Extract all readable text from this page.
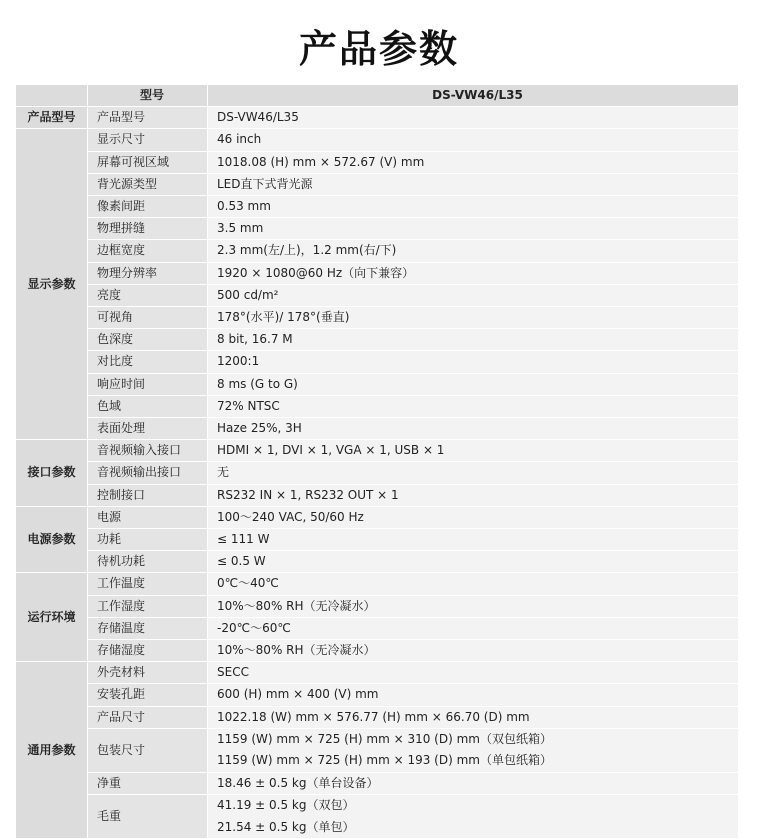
产品参数
	型号	DS-VW46/L35
产品型号	产品型号	DS-VW46/L35

显示参数	显示尺寸	46 inch

	屏幕可视区域	1018.08 (H) mm × 572.67 (V) mm

	背光源类型	LED直下式背光源

	像素间距	0.53 mm

	物理拼缝	3.5 mm

	边框宽度	2.3 mm(左/上)，1.2 mm(右/下)

	物理分辨率	1920 × 1080@60 Hz（向下兼容）

	亮度	500 cd/m²

	可视角	178°(水平)/ 178°(垂直)

	色深度	8 bit, 16.7 M

	对比度	1200:1

	响应时间	8 ms (G to G)

	色域	72% NTSC

	表面处理	Haze 25%, 3H

接口参数	音视频输入接口	HDMI × 1, DVI × 1, VGA × 1, USB × 1

	音视频输出接口	无

	控制接口	RS232 IN × 1, RS232 OUT × 1

电源参数	电源	100～240 VAC, 50/60 Hz

	功耗	≤ 111 W

	待机功耗	≤ 0.5 W

运行环境	工作温度	0℃～40℃

	工作湿度	10%～80% RH（无冷凝水）

	存储温度	-20℃～60℃

	存储湿度	10%～80% RH（无冷凝水）

通用参数	外壳材料	SECC

	安装孔距	600 (H) mm × 400 (V) mm

	产品尺寸	1022.18 (W) mm × 576.77 (H) mm × 66.70 (D) mm

	包装尺寸	1159 (W) mm × 725 (H) mm × 310 (D) mm（双包纸箱）
1159 (W) mm × 725 (H) mm × 193 (D) mm（单包纸箱）

	净重	18.46 ± 0.5 kg（单台设备）

	毛重	41.19 ± 0.5 kg（双包）
21.54 ± 0.5 kg（单包）
